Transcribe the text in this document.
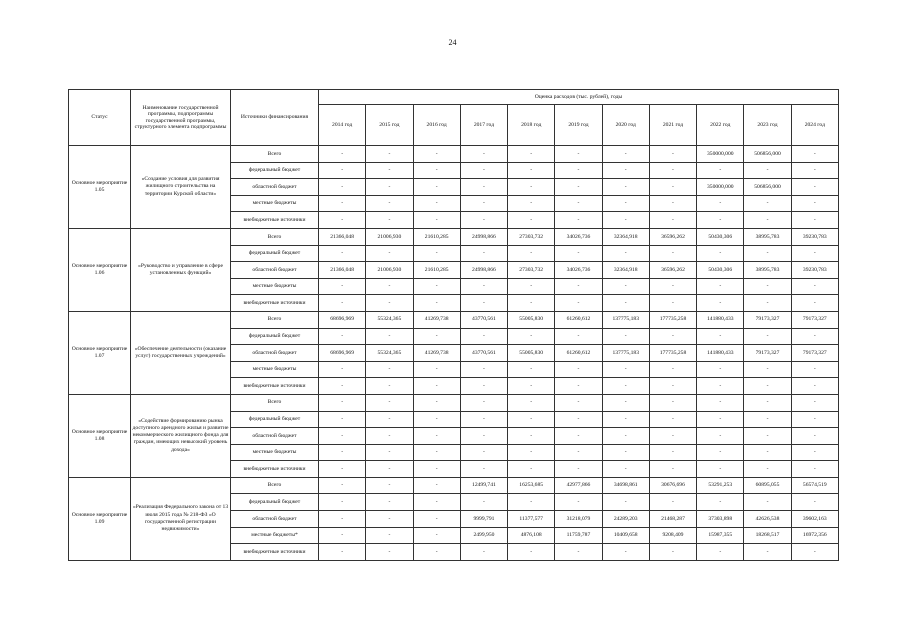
24
Статус	Наименование государственной программы, подпрограммы государственной программы, структурного элемента подпрограммы	Источники финансирования	Оценка расходов (тыс. рублей), годы										
			2014 год	2015 год	2016 год	2017 год	2018 год	2019 год	2020 год	2021 год	2022 год	2023 год	2024 год
Основное мероприятие 1.05	«Создание условия для развития жилищного строительства на территории Курской области»	Всего	-	-	-	-	-	-	-	-	350000,000	506856,000	-
		федеральный бюджет	-	-	-	-	-	-	-	-	-	-	-
		областной бюджет	-	-	-	-	-	-	-	-	350000,000	506856,000	-
		местные бюджеты	-	-	-	-	-	-	-	-	-	-	-
		внебюджетные источники	-	-	-	-	-	-	-	-	-	-	-
Основное мероприятие 1.06	«Руководство и управление в сфере установленных функций»	Всего	21366,048	21006,930	21610,285	24998,866	27303,732	34026,736	32364,918	36596,262	50430,306	38995,783	39230,783
		федеральный бюджет	-	-	-	-	-	-	-	-	-	-	-
		областной бюджет	21366,048	21006,930	21610,285	24998,866	27303,732	34026,736	32364,918	36596,262	50430,306	38995,783	39230,783
		местные бюджеты	-	-	-	-	-	-	-	-	-	-	-
		внебюджетные источники	-	-	-	-	-	-	-	-	-	-	-
Основное мероприятие 1.07	«Обеспечение деятельности (оказание услуг) государственных учреждений»	Всего	68696,969	55324,365	41269,738	43770,561	55005,830	61260,612	137775,183	177735,258	141880,433	79173,327	79173,327
		федеральный бюджет	-	-	-	-	-	-	-	-	-	-	-
		областной бюджет	68696,969	55324,365	41269,738	43770,561	55005,830	61260,612	137775,183	177735,258	141880,433	79173,327	79173,327
		местные бюджеты	-	-	-	-	-	-	-	-	-	-	-
		внебюджетные источники	-	-	-	-	-	-	-	-	-	-	-
Основное мероприятие 1.08	«Содействие формированию рынка доступного арендного жилья и развитие некоммерческого жилищного фонда для граждан, имеющих невысокий уровень дохода»	Всего	-	-	-	-	-	-	-	-	-	-	-
		федеральный бюджет	-	-	-	-	-	-	-	-	-	-	-
		областной бюджет	-	-	-	-	-	-	-	-	-	-	-
		местные бюджеты	-	-	-	-	-	-	-	-	-	-	-
		внебюджетные источники	-	-	-	-	-	-	-	-	-	-	-
Основное мероприятие 1.09	«Реализация Федерального закона от 13 июля 2015 года № 218-ФЗ «О государственной регистрации недвижимости»	Всего	-	-	-	12499,741	16253,685	42977,866	34698,861	30676,696	53291,253	60895,055	56574,519
		федеральный бюджет	-	-	-	-	-	-	-	-	-	-	-
		областной бюджет	-	-	-	9999,791	11377,577	31218,079	24289,203	21468,287	37303,898	42626,538	39602,163
		местные бюджеты*	-	-	-	2499,950	4876,108	11759,787	10409,658	9208,409	15987,355	18268,517	16972,356
		внебюджетные источники	-	-	-	-	-	-	-	-	-	-	-
